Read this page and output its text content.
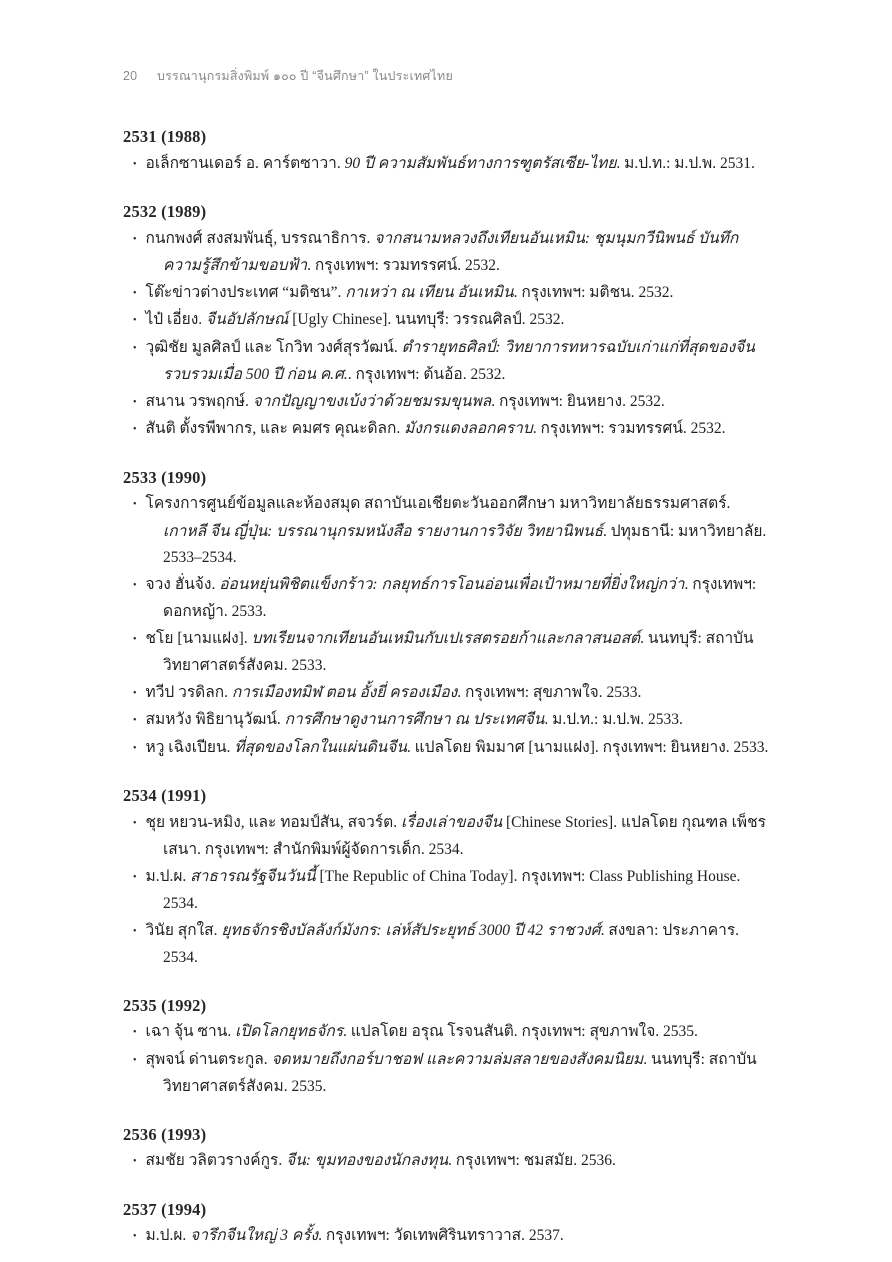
20 บรรณานุกรมสิ่งพิมพ์ ๑๐๐ ปี “จีนศึกษา” ในประเทศไทย
2531 (1988)

• อเล็กซานเดอร์ อ. คาร์ตซาวา. 90 ปี ความสัมพันธ์ทางการฑูตรัสเซีย-ไทย. ม.ป.ท.: ม.ป.พ. 2531.

2532 (1989)

• กนกพงศ์ สงสมพันธุ์, บรรณาธิการ. จากสนามหลวงถึงเทียนอันเหมิน: ชุมนุมกวีนิพนธ์ บันทึกความรู้สึกข้ามขอบฟ้า. กรุงเทพฯ: รวมทรรศน์. 2532.

• โต๊ะข่าวต่างประเทศ “มติชน”. กาเหว่า ณ เทียน อันเหมิน. กรุงเทพฯ: มติชน. 2532.

• ไป๋ เอี่ยง. จีนอัปลักษณ์ [Ugly Chinese]. นนทบุรี: วรรณศิลป์. 2532.

• วุฒิชัย มูลศิลป์ และ โกวิท วงศ์สุรวัฒน์. ตำรายุทธศิลป์: วิทยาการทหารฉบับเก่าแก่ที่สุดของจีนรวบรวมเมื่อ 500 ปี ก่อน ค.ศ.. กรุงเทพฯ: ต้นอ้อ. 2532.

• สนาน วรพฤกษ์. จากปัญญาขงเบ้งว่าด้วยชมรมขุนพล. กรุงเทพฯ: ยินหยาง. 2532.

• สันติ ตั้งรพีพากร, และ คมศร คุณะดิลก. มังกรแดงลอกคราบ. กรุงเทพฯ: รวมทรรศน์. 2532.

2533 (1990)

• โครงการศูนย์ข้อมูลและห้องสมุด สถาบันเอเชียตะวันออกศึกษา มหาวิทยาลัยธรรมศาสตร์. เกาหลี จีน ญี่ปุ่น: บรรณานุกรมหนังสือ รายงานการวิจัย วิทยานิพนธ์. ปทุมธานี: มหาวิทยาลัย. 2533–2534.

• จวง ฮั่นจ้ง. อ่อนหยุ่นพิชิตแข็งกร้าว: กลยุทธ์การโอนอ่อนเพื่อเป้าหมายที่ยิ่งใหญ่กว่า. กรุงเทพฯ: ดอกหญ้า. 2533.

• ชโย [นามแฝง]. บทเรียนจากเทียนอันเหมินกับเปเรสตรอยก้าและกลาสนอสต์. นนทบุรี: สถาบันวิทยาศาสตร์สังคม. 2533.

• ทวีป วรดิลก. การเมืองทมิฬ ตอน อั้งยี่ ครองเมือง. กรุงเทพฯ: สุขภาพใจ. 2533.

• สมหวัง พิธิยานุวัฒน์. การศึกษาดูงานการศึกษา ณ ประเทศจีน. ม.ป.ท.: ม.ป.พ. 2533.

• หวู เฉิงเปียน. ที่สุดของโลกในแผ่นดินจีน. แปลโดย พิมมาศ [นามแฝง]. กรุงเทพฯ: ยินหยาง. 2533.

2534 (1991)

• ชุย หยวน-หมิง, และ ทอมป์สัน, สจวร์ต. เรื่องเล่าของจีน [Chinese Stories]. แปลโดย กุณฑล เพ็ชรเสนา. กรุงเทพฯ: สำนักพิมพ์ผู้จัดการเด็ก. 2534.

• ม.ป.ผ. สาธารณรัฐจีนวันนี้ [The Republic of China Today]. กรุงเทพฯ: Class Publishing House. 2534.

• วินัย สุกใส. ยุทธจักรชิงบัลลังก์มังกร: เล่ห์สัประยุทธ์ 3000 ปี 42 ราชวงศ์. สงขลา: ประภาคาร. 2534.

2535 (1992)

• เฉา จุ้น ซาน. เปิดโลกยุทธจักร. แปลโดย อรุณ โรจนสันติ. กรุงเทพฯ: สุขภาพใจ. 2535.

• สุพจน์ ด่านตระกูล. จดหมายถึงกอร์บาชอฟ และความล่มสลายของสังคมนิยม. นนทบุรี: สถาบันวิทยาศาสตร์สังคม. 2535.

2536 (1993)

• สมชัย วลิตวรางค์กูร. จีน: ขุมทองของนักลงทุน. กรุงเทพฯ: ชมสมัย. 2536.

2537 (1994)

• ม.ป.ผ. จารึกจีนใหญ่ 3 ครั้ง. กรุงเทพฯ: วัดเทพศิรินทราวาส. 2537.
